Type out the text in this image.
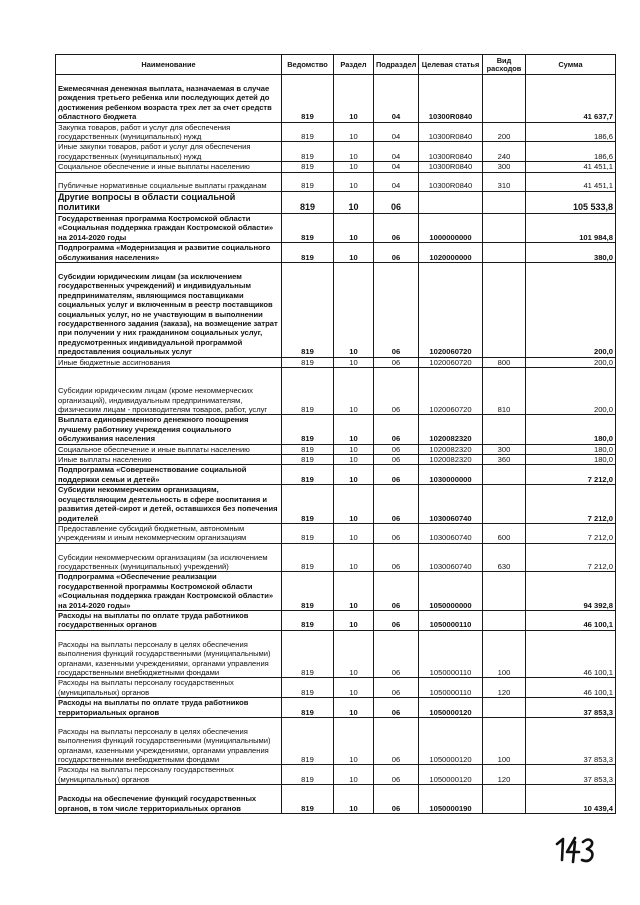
Наименование	Ведомство	Раздел	Подраздел	Целевая статья	Вид расходов	Сумма
Ежемесячная денежная выплата, назначаемая в случае рождения третьего ребенка или последующих детей до достижения ребенком возраста трех лет за счет средств областного бюджета	819	10	04	10300R0840		41 637,7
Закупка товаров, работ и услуг для обеспечения государственных (муниципальных) нужд	819	10	04	10300R0840	200	186,6
Иные закупки товаров, работ и услуг для обеспечения государственных (муниципальных) нужд	819	10	04	10300R0840	240	186,6
Социальное обеспечение и иные выплаты населению	819	10	04	10300R0840	300	41 451,1
Публичные нормативные социальные выплаты гражданам	819	10	04	10300R0840	310	41 451,1
Другие вопросы в области социальной политики	819	10	06			105 533,8
Государственная программа Костромской области «Социальная поддержка граждан Костромской области» на 2014-2020 годы	819	10	06	1000000000		101 984,8
Подпрограмма «Модернизация и развитие социального обслуживания населения»	819	10	06	1020000000		380,0
Субсидии юридическим лицам (за исключением государственных учреждений) и индивидуальным предпринимателям, являющимся поставщиками социальных услуг и включенным в реестр поставщиков социальных услуг, но не участвующим в выполнении государственного задания (заказа), на возмещение затрат при получении у них гражданином социальных услуг, предусмотренных индивидуальной программой предоставления социальных услуг	819	10	06	1020060720		200,0
Иные бюджетные ассигнования	819	10	06	1020060720	800	200,0
Субсидии юридическим лицам (кроме некоммерческих организаций), индивидуальным предпринимателям, физическим лицам - производителям товаров, работ, услуг	819	10	06	1020060720	810	200,0
Выплата единовременного денежного поощрения лучшему работнику учреждения социального обслуживания населения	819	10	06	1020082320		180,0
Социальное обеспечение и иные выплаты населению	819	10	06	1020082320	300	180,0
Иные выплаты населению	819	10	06	1020082320	360	180,0
Подпрограмма «Совершенствование социальной поддержки семьи и детей»	819	10	06	1030000000		7 212,0
Субсидии некоммерческим организациям, осуществляющим деятельность в сфере воспитания и развития детей-сирот и детей, оставшихся без попечения родителей	819	10	06	1030060740		7 212,0
Предоставление субсидий бюджетным, автономным учреждениям и иным некоммерческим организациям	819	10	06	1030060740	600	7 212,0
Субсидии некоммерческим организациям (за исключением государственных (муниципальных) учреждений)	819	10	06	1030060740	630	7 212,0
Подпрограмма «Обеспечение реализации государственной программы Костромской области «Социальная поддержка граждан Костромской области» на 2014-2020 годы»	819	10	06	1050000000		94 392,8
Расходы на выплаты по оплате труда работников государственных органов	819	10	06	1050000110		46 100,1
Расходы на выплаты персоналу в целях обеспечения выполнения функций государственными (муниципальными) органами, казенными учреждениями, органами управления государственными внебюджетными фондами	819	10	06	1050000110	100	46 100,1
Расходы на выплаты персоналу государственных (муниципальных) органов	819	10	06	1050000110	120	46 100,1
Расходы на выплаты по оплате труда работников территориальных органов	819	10	06	1050000120		37 853,3
Расходы на выплаты персоналу в целях обеспечения выполнения функций государственными (муниципальными) органами, казенными учреждениями, органами управления государственными внебюджетными фондами	819	10	06	1050000120	100	37 853,3
Расходы на выплаты персоналу государственных (муниципальных) органов	819	10	06	1050000120	120	37 853,3
Расходы на обеспечение функций государственных органов, в том числе территориальных органов	819	10	06	1050000190		10 439,4
